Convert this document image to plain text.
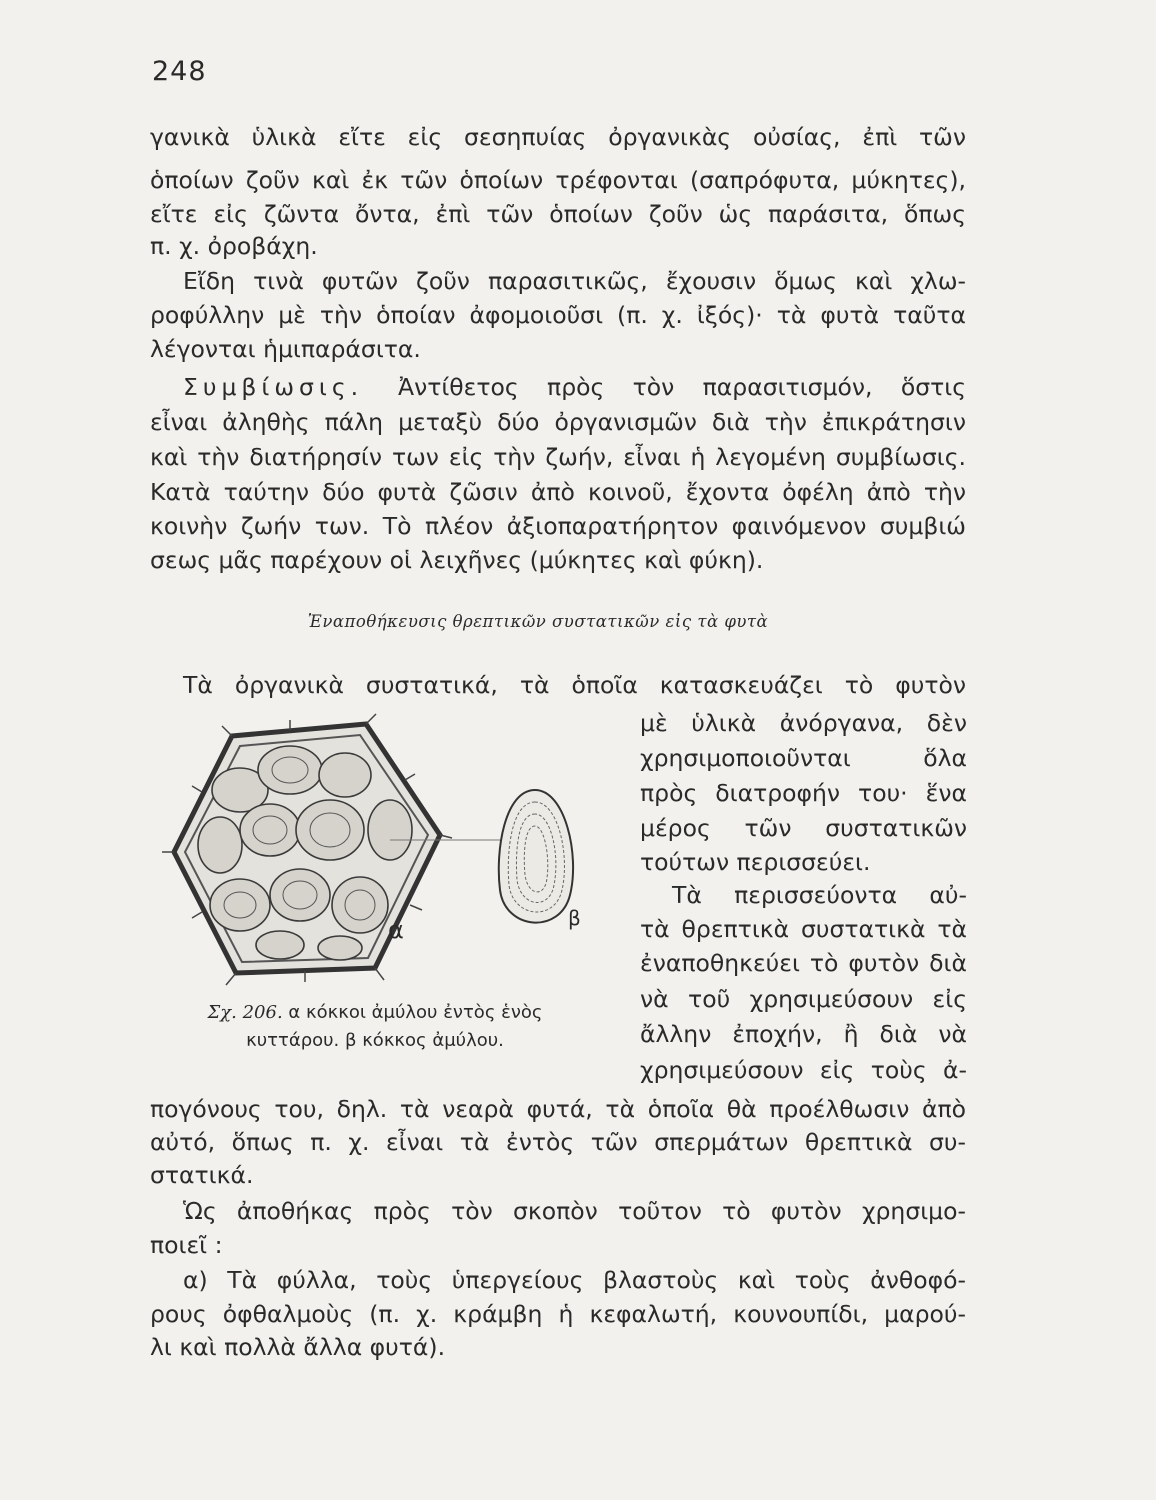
248
γανικὰ ὑλικὰ εἴτε εἰς σεσηπυίας ὀργανικὰς οὐσίας, ἐπὶ τῶν
ὁποίων ζοῦν καὶ ἐκ τῶν ὁποίων τρέφονται (σαπρόφυτα, μύκητες),
εἴτε εἰς ζῶντα ὄντα, ἐπὶ τῶν ὁποίων ζοῦν ὡς παράσιτα, ὅπως
π. χ. ὀροβάχη.
Εἴδη τινὰ φυτῶν ζοῦν παρασιτικῶς, ἔχουσιν ὅμως καὶ χλω-
ροφύλλην μὲ τὴν ὁποίαν ἀφομοιοῦσι (π. χ. ἰξός)· τὰ φυτὰ ταῦτα
λέγονται ἡμιπαράσιτα.
Συμβίωσις. Ἀντίθετος πρὸς τὸν παρασιτισμόν, ὅστις
εἶναι ἀληθὴς πάλη μεταξὺ δύο ὀργανισμῶν διὰ τὴν ἐπικράτησιν
καὶ τὴν διατήρησίν των εἰς τὴν ζωήν, εἶναι ἡ λεγομένη συμβίωσις.
Κατὰ ταύτην δύο φυτὰ ζῶσιν ἀπὸ κοινοῦ, ἔχοντα ὀφέλη ἀπὸ τὴν
κοινὴν ζωήν των. Τὸ πλέον ἀξιοπαρατήρητον φαινόμενον συμβιώ
σεως μᾶς παρέχουν οἱ λειχῆνες (μύκητες καὶ φύκη).
Ἐναποθήκευσις θρεπτικῶν συστατικῶν εἰς τὰ φυτὰ
Τὰ ὀργανικὰ συστατικά, τὰ ὁποῖα κατασκευάζει τὸ φυτὸν
μὲ ὑλικὰ ἀνόργανα, δὲν
χρησιμοποιοῦνται ὅλα
πρὸς διατροφήν του· ἕνα
μέρος τῶν συστατικῶν
τούτων περισσεύει.
Τὰ περισσεύοντα αὐ-
τὰ θρεπτικὰ συστατικὰ τὰ
ἐναποθηκεύει τὸ φυτὸν διὰ
νὰ τοῦ χρησιμεύσουν εἰς
ἄλλην ἐποχήν, ἢ διὰ νὰ
χρησιμεύσουν εἰς τοὺς ἀ-
α	β
Σχ. 206. α κόκκοι ἀμύλου ἐντὸς ἑνὸς
κυττάρου. β κόκκος ἀμύλου.
πογόνους του, δηλ. τὰ νεαρὰ φυτά, τὰ ὁποῖα θὰ προέλθωσιν ἀπὸ
αὐτό, ὅπως π. χ. εἶναι τὰ ἐντὸς τῶν σπερμάτων θρεπτικὰ συ-
στατικά.
Ὡς ἀποθήκας πρὸς τὸν σκοπὸν τοῦτον τὸ φυτὸν χρησιμο-
ποιεῖ :
α) Τὰ φύλλα, τοὺς ὑπεργείους βλαστοὺς καὶ τοὺς ἀνθοφό-
ρους ὀφθαλμοὺς (π. χ. κράμβη ἡ κεφαλωτή, κουνουπίδι, μαρού-
λι καὶ πολλὰ ἄλλα φυτά).
